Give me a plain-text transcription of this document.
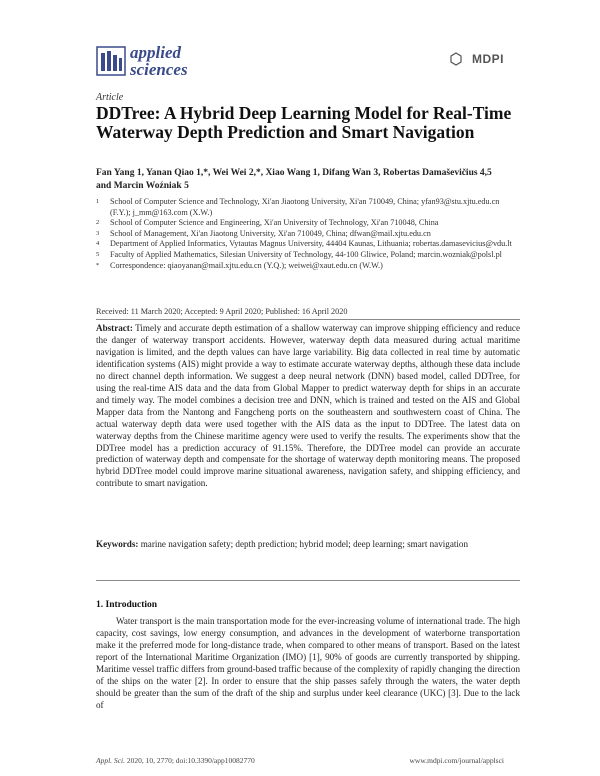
applied
sciences
MDPI
Article
DDTree: A Hybrid Deep Learning Model for Real-Time Waterway Depth Prediction and Smart Navigation
Fan Yang 1, Yanan Qiao 1,*, Wei Wei 2,*, Xiao Wang 1, Difang Wan 3, Robertas Damaševičius 4,5
and Marcin Woźniak 5
1 School of Computer Science and Technology, Xi'an Jiaotong University, Xi'an 710049, China; yfan93@stu.xjtu.edu.cn (F.Y.); j_mm@163.com (X.W.)
2 School of Computer Science and Engineering, Xi'an University of Technology, Xi'an 710048, China
3 School of Management, Xi'an Jiaotong University, Xi'an 710049, China; dfwan@mail.xjtu.edu.cn
4 Department of Applied Informatics, Vytautas Magnus University, 44404 Kaunas, Lithuania; robertas.damasevicius@vdu.lt
5 Faculty of Applied Mathematics, Silesian University of Technology, 44-100 Gliwice, Poland; marcin.wozniak@polsl.pl
* Correspondence: qiaoyanan@mail.xjtu.edu.cn (Y.Q.); weiwei@xaut.edu.cn (W.W.)
Received: 11 March 2020; Accepted: 9 April 2020; Published: 16 April 2020
Abstract: Timely and accurate depth estimation of a shallow waterway can improve shipping efficiency and reduce the danger of waterway transport accidents. However, waterway depth data measured during actual maritime navigation is limited, and the depth values can have large variability. Big data collected in real time by automatic identification systems (AIS) might provide a way to estimate accurate waterway depths, although these data include no direct channel depth information. We suggest a deep neural network (DNN) based model, called DDTree, for using the real-time AIS data and the data from Global Mapper to predict waterway depth for ships in an accurate and timely way. The model combines a decision tree and DNN, which is trained and tested on the AIS and Global Mapper data from the Nantong and Fangcheng ports on the southeastern and southwestern coast of China. The actual waterway depth data were used together with the AIS data as the input to DDTree. The latest data on waterway depths from the Chinese maritime agency were used to verify the results. The experiments show that the DDTree model has a prediction accuracy of 91.15%. Therefore, the DDTree model can provide an accurate prediction of waterway depth and compensate for the shortage of waterway depth monitoring means. The proposed hybrid DDTree model could improve marine situational awareness, navigation safety, and shipping efficiency, and contribute to smart navigation.
Keywords: marine navigation safety; depth prediction; hybrid model; deep learning; smart navigation
1. Introduction

Water transport is the main transportation mode for the ever-increasing volume of international trade. The high capacity, cost savings, low energy consumption, and advances in the development of waterborne transportation make it the preferred mode for long-distance trade, when compared to other means of transport. Based on the latest report of the International Maritime Organization (IMO) [1], 90% of goods are currently transported by shipping. Maritime vessel traffic differs from ground-based traffic because of the complexity of rapidly changing the direction of the ships on the water [2]. In order to ensure that the ship passes safely through the waters, the water depth should be greater than the sum of the draft of the ship and surplus under keel clearance (UKC) [3]. Due to the lack of

Appl. Sci. 2020, 10, 2770; doi:10.3390/app10082770	www.mdpi.com/journal/applsci
